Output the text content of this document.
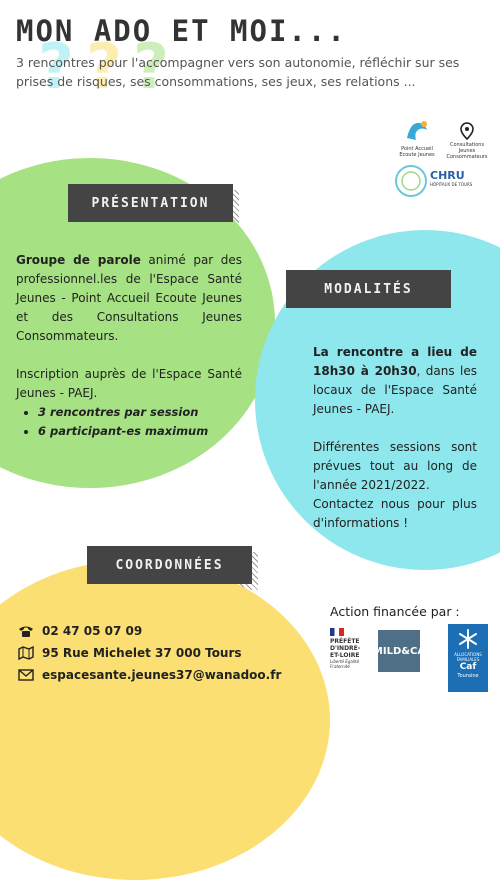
? ? ?
MON ADO ET MOI...
3 rencontres pour l'accompagner vers son autonomie, réfléchir sur ses prises de risques, ses consommations, ses jeux, ses relations ...
Point Accueil Ecoute Jeunes
Consultations
Jeunes
Consommateurs
CHRU
HÔPITAUX DE TOURS
PRÉSENTATION

Groupe de parole animé par des professionnel.les de l'Espace Santé Jeunes - Point Accueil Ecoute Jeunes et des Consultations Jeunes Consommateurs.

Inscription auprès de l'Espace Santé Jeunes - PAEJ.

• 3 rencontres par session
• 6 participant-es maximum
MODALITÉS

La rencontre a lieu de 18h30 à 20h30, dans les locaux de l'Espace Santé Jeunes - PAEJ.

Différentes sessions sont prévues tout au long de l'année 2021/2022.

Contactez nous pour plus d'informations !

COORDONNÉES
02 47 05 07 09
95 Rue Michelet 37 000 Tours
espacesante.jeunes37@wanadoo.fr
Action financée par :
PRÉFÈTE
D'INDRE-
ET-LOIRE
Liberté Égalité Fraternité
MILD&CA	ALLOCATIONS FAMILIALES
Caf
Touraine
